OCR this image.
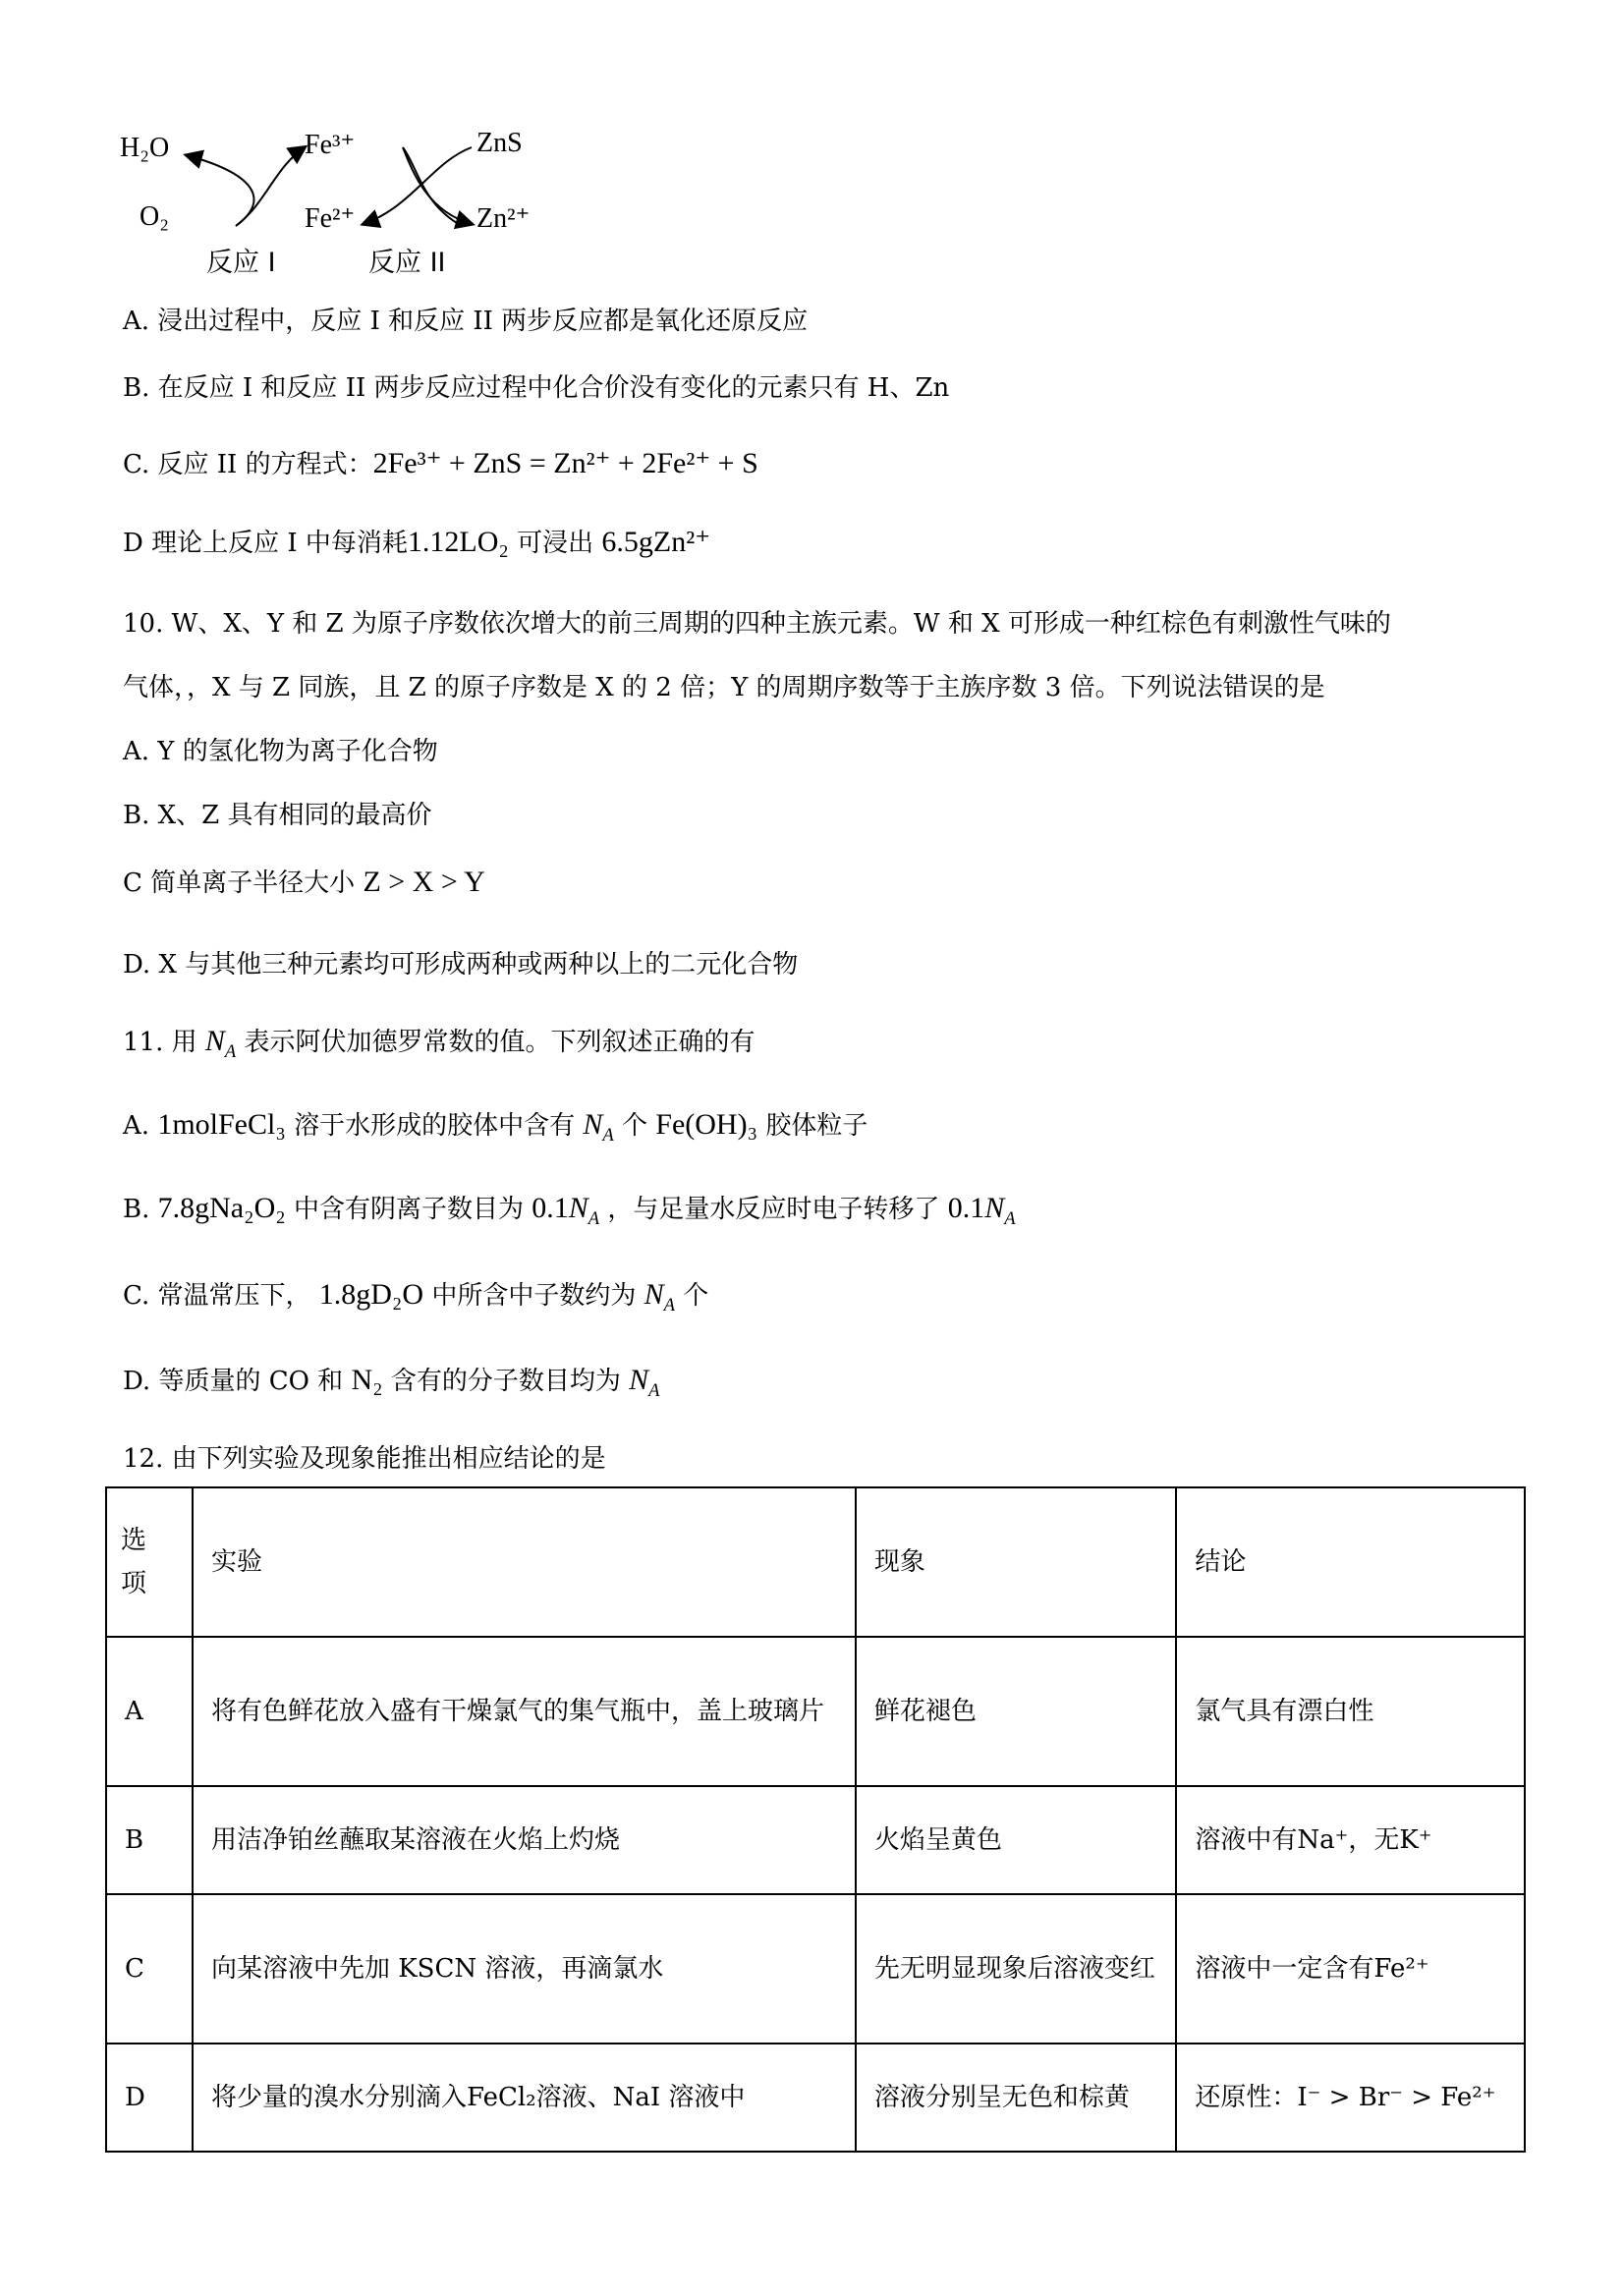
H₂O
O₂
Fe³⁺
Fe²⁺
ZnS
Zn²⁺
反应 I	反应 II
A. 浸出过程中，反应 I 和反应 II 两步反应都是氧化还原反应
B. 在反应 I 和反应 II 两步反应过程中化合价没有变化的元素只有 H、Zn
C. 反应 II 的方程式：2Fe³⁺ + ZnS = Zn²⁺ + 2Fe²⁺ + S
D 理论上反应 I 中每消耗1.12LO₂ 可浸出 6.5gZn²⁺
10. W、X、Y 和 Z 为原子序数依次增大的前三周期的四种主族元素。W 和 X 可形成一种红棕色有刺激性气味的
气体，，X 与 Z 同族，且 Z 的原子序数是 X 的 2 倍；Y 的周期序数等于主族序数 3 倍。下列说法错误的是
A. Y 的氢化物为离子化合物
B. X、Z 具有相同的最高价
C 简单离子半径大小 Z > X > Y
D. X 与其他三种元素均可形成两种或两种以上的二元化合物
11. 用 $N_A$ 表示阿伏加德罗常数的值。下列叙述正确的有
A. 1molFeCl₃ 溶于水形成的胶体中含有 $N_A$ 个 Fe(OH)₃ 胶体粒子
B. 7.8gNa₂O₂ 中含有阴离子数目为 $0.1N_A$ ，与足量水反应时电子转移了 $0.1N_A$
C. 常温常压下， 1.8gD₂O 中所含中子数约为 $N_A$ 个
D. 等质量的 CO 和 N₂ 含有的分子数目均为 $N_A$
12. 由下列实验及现象能推出相应结论的是
选项	实验	现象	结论
A	将有色鲜花放入盛有干燥氯气的集气瓶中，盖上玻璃片	鲜花褪色	氯气具有漂白性
B	用洁净铂丝蘸取某溶液在火焰上灼烧	火焰呈黄色	溶液中有Na⁺，无K⁺
C	向某溶液中先加 KSCN 溶液，再滴氯水	先无明显现象后溶液变红	溶液中一定含有Fe²⁺
D	将少量的溴水分别滴入FeCl₂溶液、NaI 溶液中	溶液分别呈无色和棕黄	还原性：I⁻ > Br⁻ > Fe²⁺
